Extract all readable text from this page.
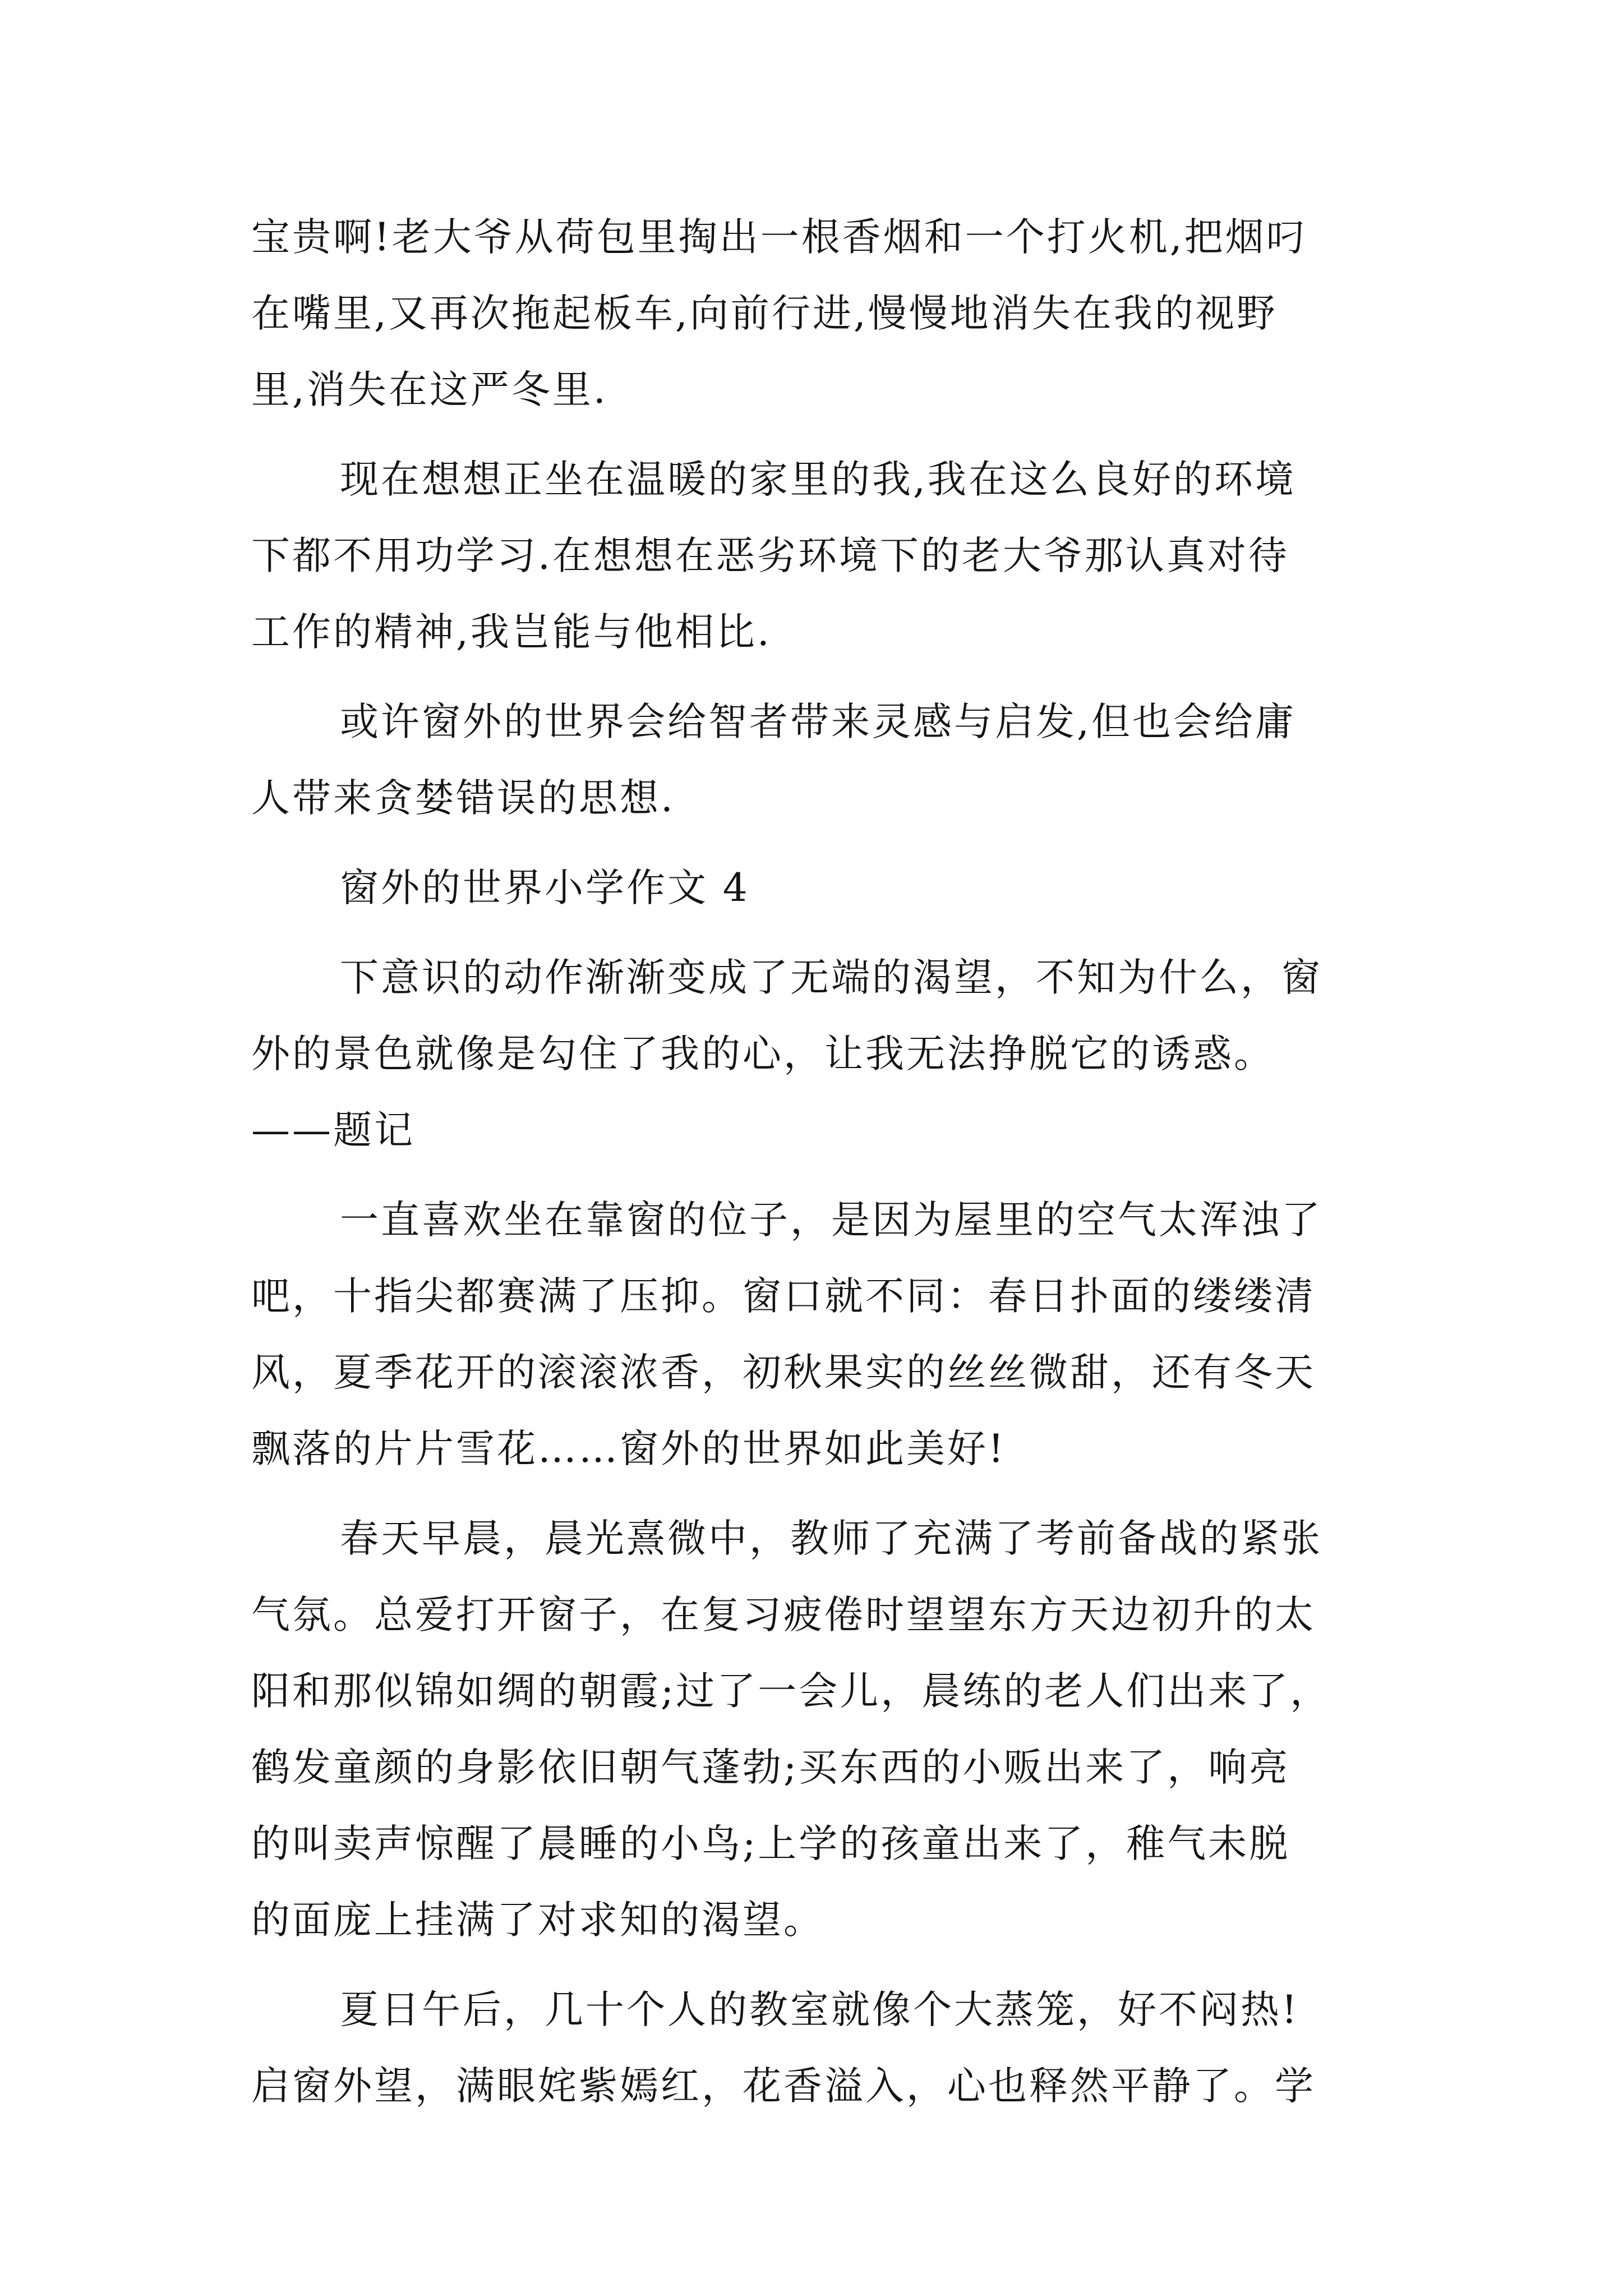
宝贵啊!老大爷从荷包里掏出一根香烟和一个打火机,把烟叼
在嘴里,又再次拖起板车,向前行进,慢慢地消失在我的视野
里,消失在这严冬里.
现在想想正坐在温暖的家里的我,我在这么良好的环境
下都不用功学习.在想想在恶劣环境下的老大爷那认真对待
工作的精神,我岂能与他相比.
或许窗外的世界会给智者带来灵感与启发,但也会给庸
人带来贪婪错误的思想.
窗外的世界小学作文 4
下意识的动作渐渐变成了无端的渴望，不知为什么，窗
外的景色就像是勾住了我的心，让我无法挣脱它的诱惑。
——题记
一直喜欢坐在靠窗的位子，是因为屋里的空气太浑浊了
吧，十指尖都赛满了压抑。窗口就不同：春日扑面的缕缕清
风，夏季花开的滚滚浓香，初秋果实的丝丝微甜，还有冬天
飘落的片片雪花……窗外的世界如此美好!
春天早晨，晨光熹微中，教师了充满了考前备战的紧张
气氛。总爱打开窗子，在复习疲倦时望望东方天边初升的太
阳和那似锦如绸的朝霞;过了一会儿，晨练的老人们出来了，
鹤发童颜的身影依旧朝气蓬勃;买东西的小贩出来了，响亮
的叫卖声惊醒了晨睡的小鸟;上学的孩童出来了，稚气未脱
的面庞上挂满了对求知的渴望。
夏日午后，几十个人的教室就像个大蒸笼，好不闷热!
启窗外望，满眼姹紫嫣红，花香溢入，心也释然平静了。学
